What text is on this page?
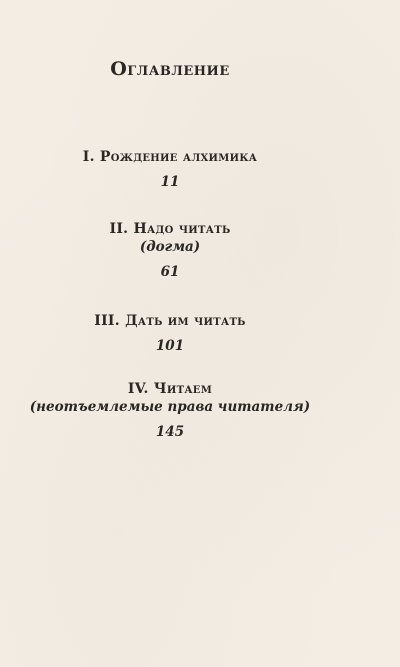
Оглавление
I. Рождение алхимика
11
II. Надо читать
(догма)
61
III. Дать им читать
101
IV. Читаем
(неотъемлемые права читателя)
145
